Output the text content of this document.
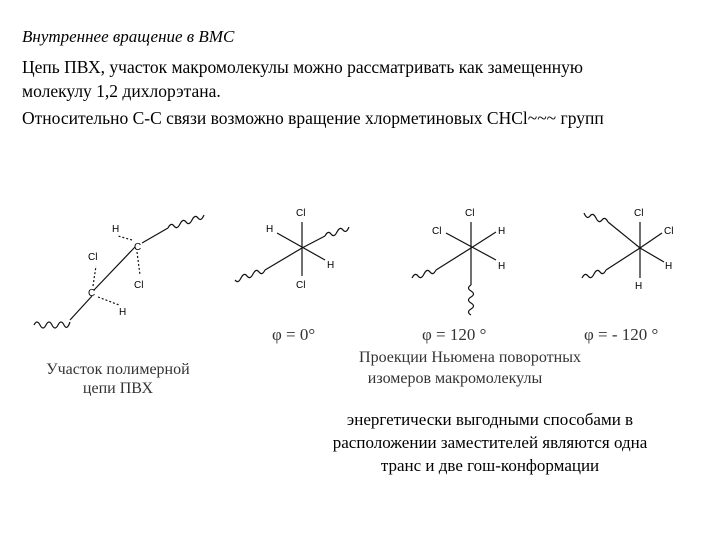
Внутреннее вращение в ВМС
Цепь ПВХ, участок макромолекулы можно рассматривать как замещенную
молекулу 1,2 дихлорэтана.
Относительно С-С связи возможно вращение хлорметиновых CHCl~~~ групп
H
C
Cl
Cl
C
H
Cl
H
H
Cl
Cl
Cl	H
H
Cl
Cl
H
H
φ = 0°	φ = 120 °	φ = - 120 °
Участок полимерной
цепи ПВХ
Проекции Ньюмена поворотных
изомеров макромолекулы
энергетически выгодными способами в
расположении заместителей являются одна
транс и две гош-конформации
